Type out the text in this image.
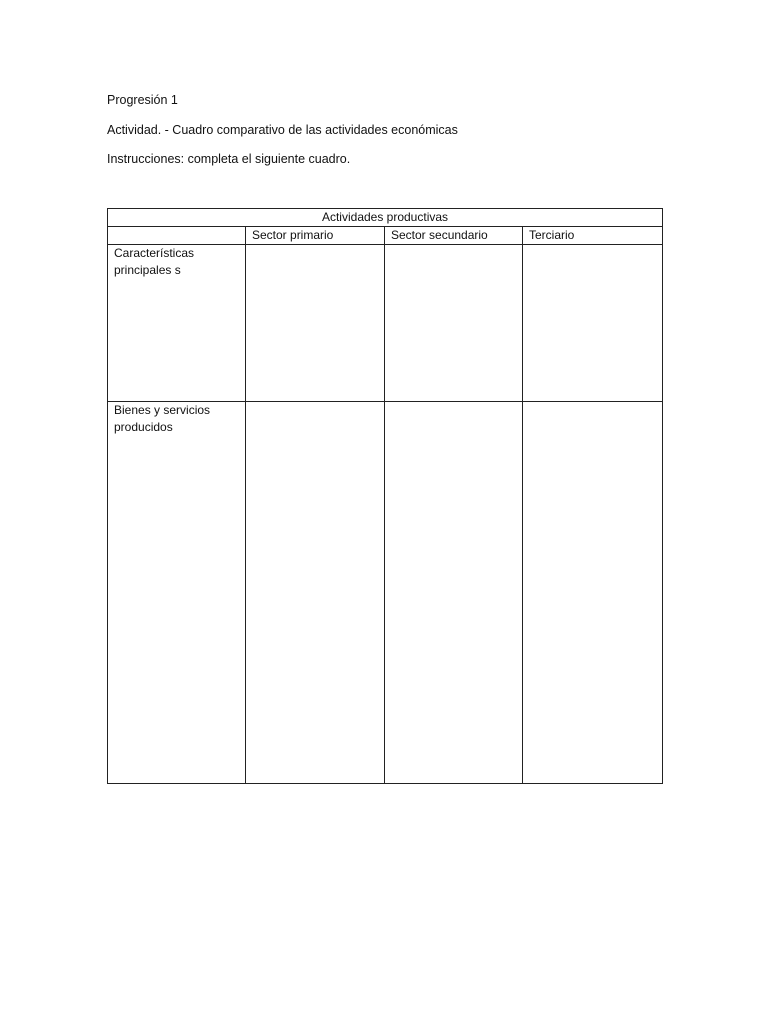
Progresión 1
Actividad. - Cuadro comparativo de las actividades económicas
Instrucciones: completa el siguiente cuadro.
Actividades productivas			
	Sector primario	Sector secundario	Terciario
Características principales s			
Bienes y servicios producidos			
